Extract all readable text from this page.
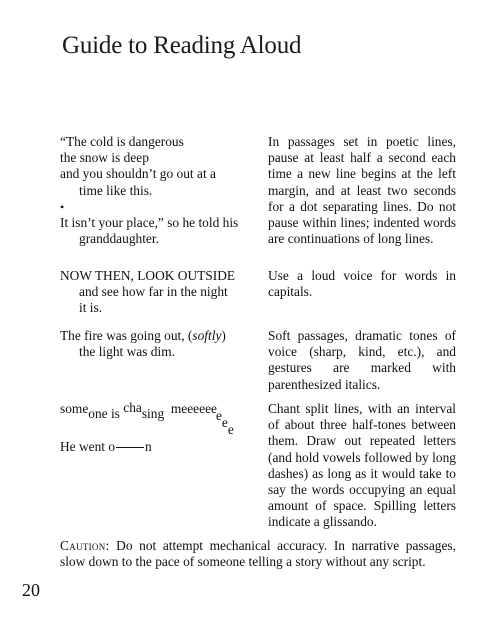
Guide to Reading Aloud
“The cold is dangerous
the snow is deep
and you shouldn’t go out at a
time like this.
•
It isn’t your place,” so he told his
granddaughter.
In passages set in poetic lines, pause at least half a second each time a new line begins at the left margin, and at least two seconds for a dot separating lines. Do not pause within lines; indented words are continuations of long lines.
NOW THEN, LOOK OUTSIDE
and see how far in the night
it is.
Use a loud voice for words in capitals.
The fire was going out, (softly)
the light was dim.
Soft passages, dramatic tones of voice (sharp, kind, etc.), and gestures are marked with parenthesized italics.
someone is chasing meeeeeeeee
He went o n
Chant split lines, with an interval of about three half-tones between them. Draw out repeated letters (and hold vowels followed by long dashes) as long as it would take to say the words occupying an equal amount of space. Spilling letters indicate a glissando.
Caution: Do not attempt mechanical accuracy. In narrative passages, slow down to the pace of someone telling a story without any script.
20
